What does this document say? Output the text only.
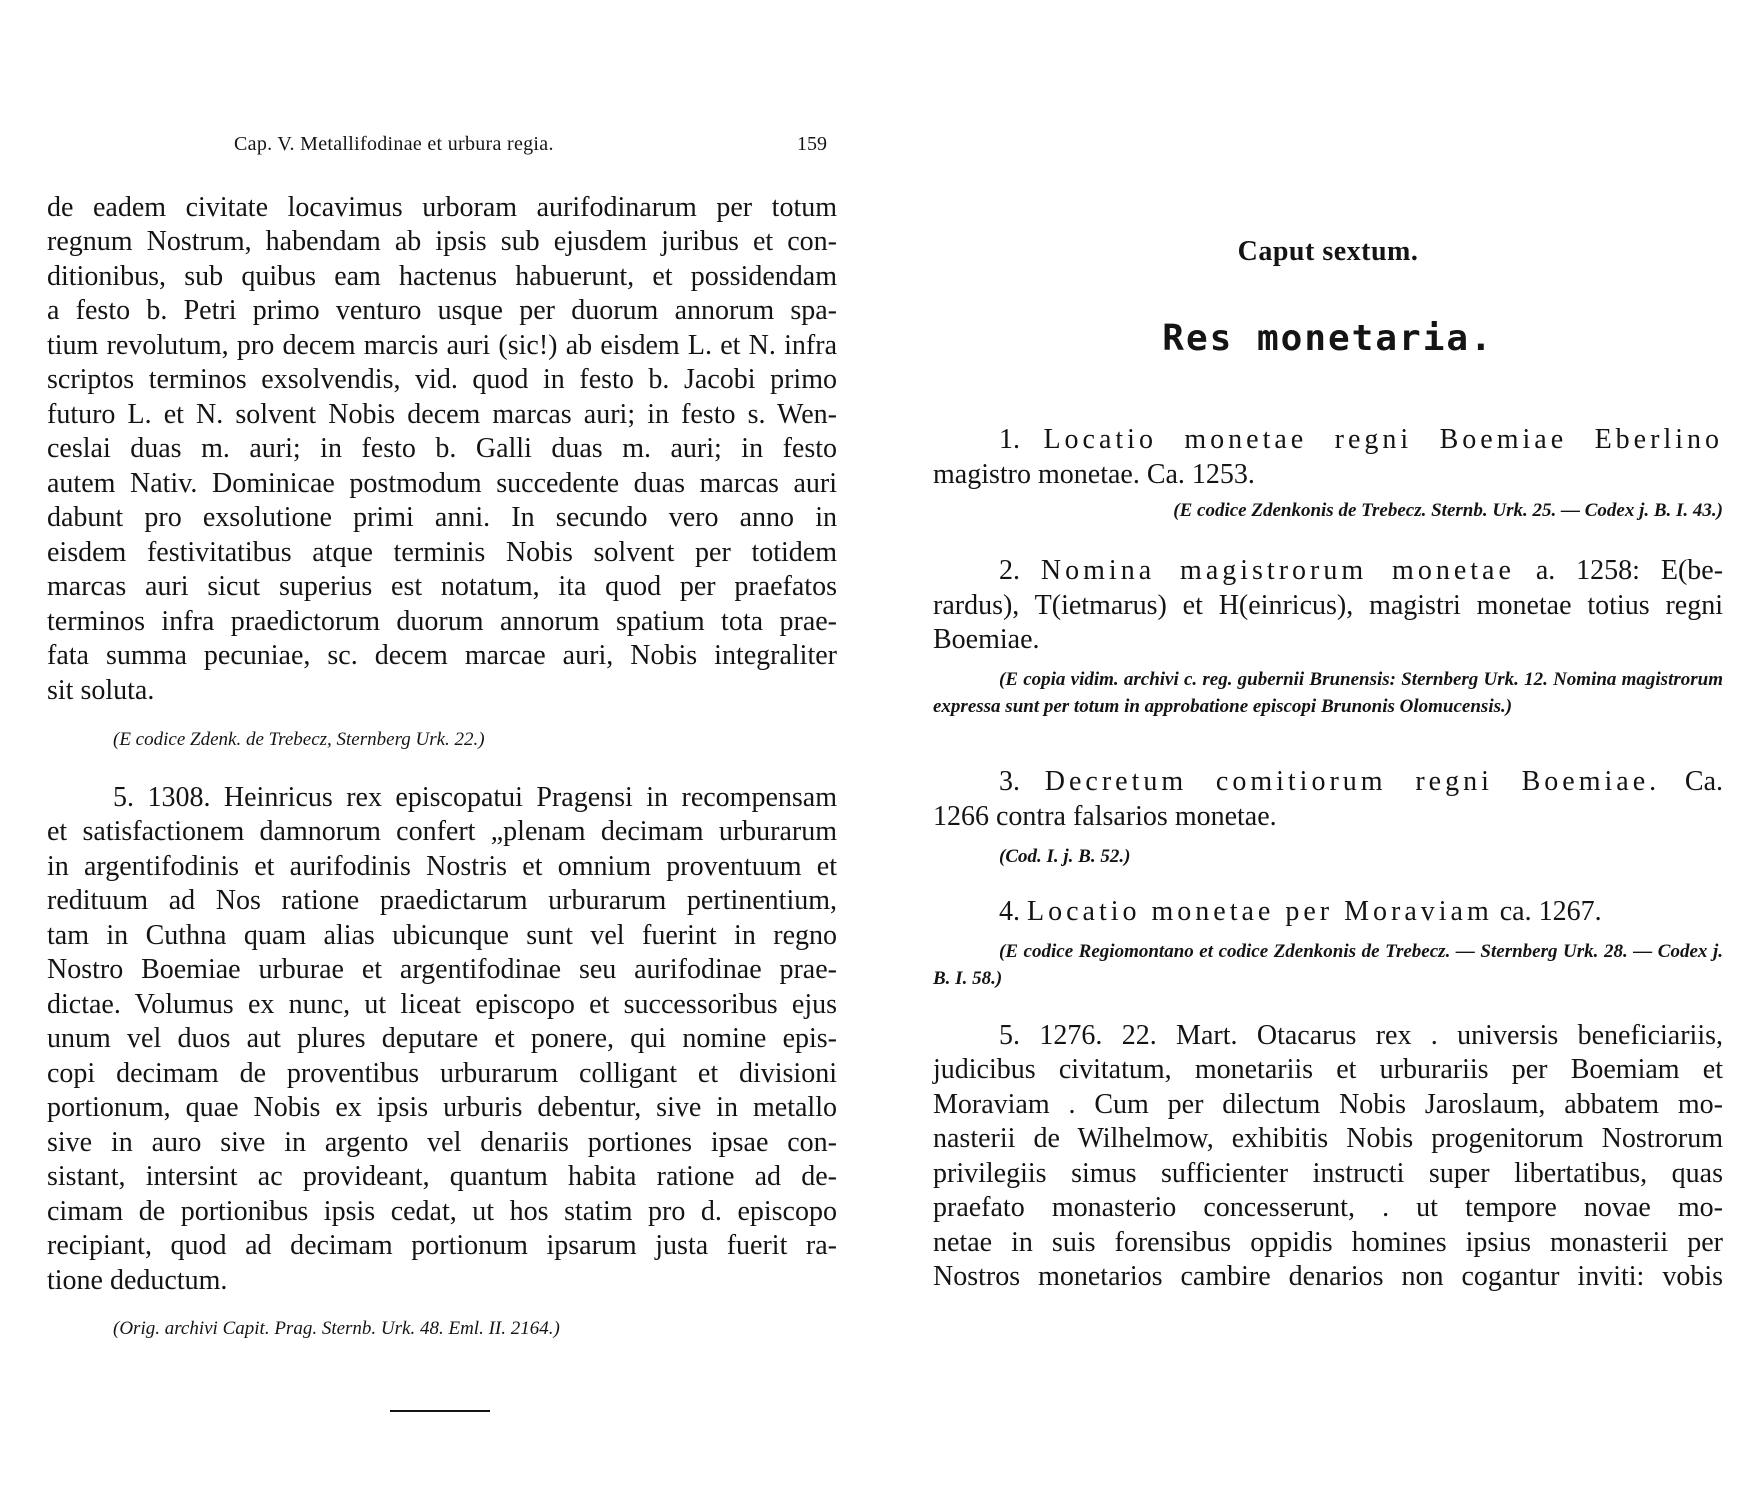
Cap. V. Metallifodinae et urbura regia.	159

de eadem civitate locavimus urboram aurifodinarum per totum

regnum Nostrum, habendam ab ipsis sub ejusdem juribus et con-

ditionibus, sub quibus eam hactenus habuerunt, et possidendam

a festo b. Petri primo venturo usque per duorum annorum spa-

tium revolutum, pro decem marcis auri (sic!) ab eisdem L. et N. infra

scriptos terminos exsolvendis, vid. quod in festo b. Jacobi primo

futuro L. et N. solvent Nobis decem marcas auri; in festo s. Wen-

ceslai duas m. auri; in festo b. Galli duas m. auri; in festo

autem Nativ. Dominicae postmodum succedente duas marcas auri

dabunt pro exsolutione primi anni. In secundo vero anno in

eisdem festivitatibus atque terminis Nobis solvent per totidem

marcas auri sicut superius est notatum, ita quod per praefatos

terminos infra praedictorum duorum annorum spatium tota prae-

fata summa pecuniae, sc. decem marcae auri, Nobis integraliter

sit soluta.

(E codice Zdenk. de Trebecz, Sternberg Urk. 22.)

5. 1308. Heinricus rex episcopatui Pragensi in recompensam

et satisfactionem damnorum confert „plenam decimam urburarum

in argentifodinis et aurifodinis Nostris et omnium proventuum et

redituum ad Nos ratione praedictarum urburarum pertinentium,

tam in Cuthna quam alias ubicunque sunt vel fuerint in regno

Nostro Boemiae urburae et argentifodinae seu aurifodinae prae-

dictae. Volumus ex nunc, ut liceat episcopo et successoribus ejus

unum vel duos aut plures deputare et ponere, qui nomine epis-

copi decimam de proventibus urburarum colligant et divisioni

portionum, quae Nobis ex ipsis urburis debentur, sive in metallo

sive in auro sive in argento vel denariis portiones ipsae con-

sistant, intersint ac provideant, quantum habita ratione ad de-

cimam de portionibus ipsis cedat, ut hos statim pro d. episcopo

recipiant, quod ad decimam portionum ipsarum justa fuerit ra-

tione deductum.

(Orig. archivi Capit. Prag. Sternb. Urk. 48. Eml. II. 2164.)

Caput sextum.
Res monetaria.

1. Locatio monetae regni Boemiae Eberlino

magistro monetae. Ca. 1253.

(E codice Zdenkonis de Trebecz. Sternb. Urk. 25. — Codex j. B. I. 43.)

2. Nomina magistrorum monetae a. 1258: E(be-

rardus), T(ietmarus) et H(einricus), magistri monetae totius regni

Boemiae.

(E copia vidim. archivi c. reg. gubernii Brunensis: Sternberg Urk. 12. Nomina magistrorum expressa sunt per totum in approbatione episcopi Brunonis Olomucensis.)

3. Decretum comitiorum regni Boemiae. Ca.

1266 contra falsarios monetae.

(Cod. I. j. B. 52.)

4. Locatio monetae per Moraviam ca. 1267.

(E codice Regiomontano et codice Zdenkonis de Trebecz. — Sternberg Urk. 28. — Codex j. B. I. 58.)

5. 1276. 22. Mart. Otacarus rex . universis beneficiariis,

judicibus civitatum, monetariis et urburariis per Boemiam et

Moraviam . Cum per dilectum Nobis Jaroslaum, abbatem mo-

nasterii de Wilhelmow, exhibitis Nobis progenitorum Nostrorum

privilegiis simus sufficienter instructi super libertatibus, quas

praefato monasterio concesserunt, . ut tempore novae mo-

netae in suis forensibus oppidis homines ipsius monasterii per

Nostros monetarios cambire denarios non cogantur inviti: vobis
